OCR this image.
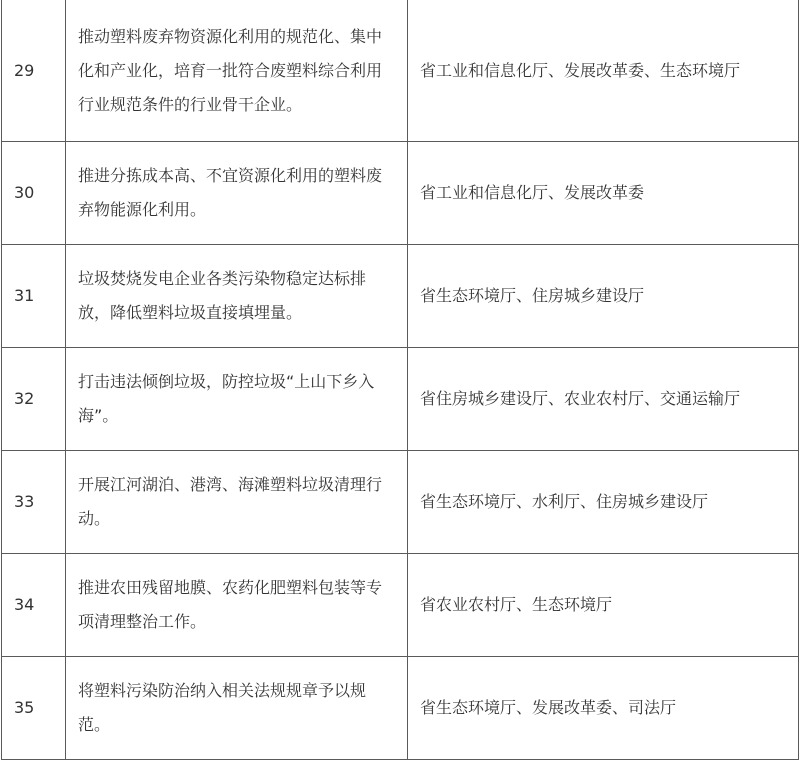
29	推动塑料废弃物资源化利用的规范化、集中化和产业化，培育一批符合废塑料综合利用行业规范条件的行业骨干企业。	省工业和信息化厅、发展改革委、生态环境厅

30	推进分拣成本高、不宜资源化利用的塑料废弃物能源化利用。	省工业和信息化厅、发展改革委

31	垃圾焚烧发电企业各类污染物稳定达标排放，降低塑料垃圾直接填埋量。	省生态环境厅、住房城乡建设厅

32	打击违法倾倒垃圾，防控垃圾“上山下乡入海”。	省住房城乡建设厅、农业农村厅、交通运输厅

33	开展江河湖泊、港湾、海滩塑料垃圾清理行动。	省生态环境厅、水利厅、住房城乡建设厅

34	推进农田残留地膜、农药化肥塑料包装等专项清理整治工作。	省农业农村厅、生态环境厅

35	将塑料污染防治纳入相关法规规章予以规范。	省生态环境厅、发展改革委、司法厅
